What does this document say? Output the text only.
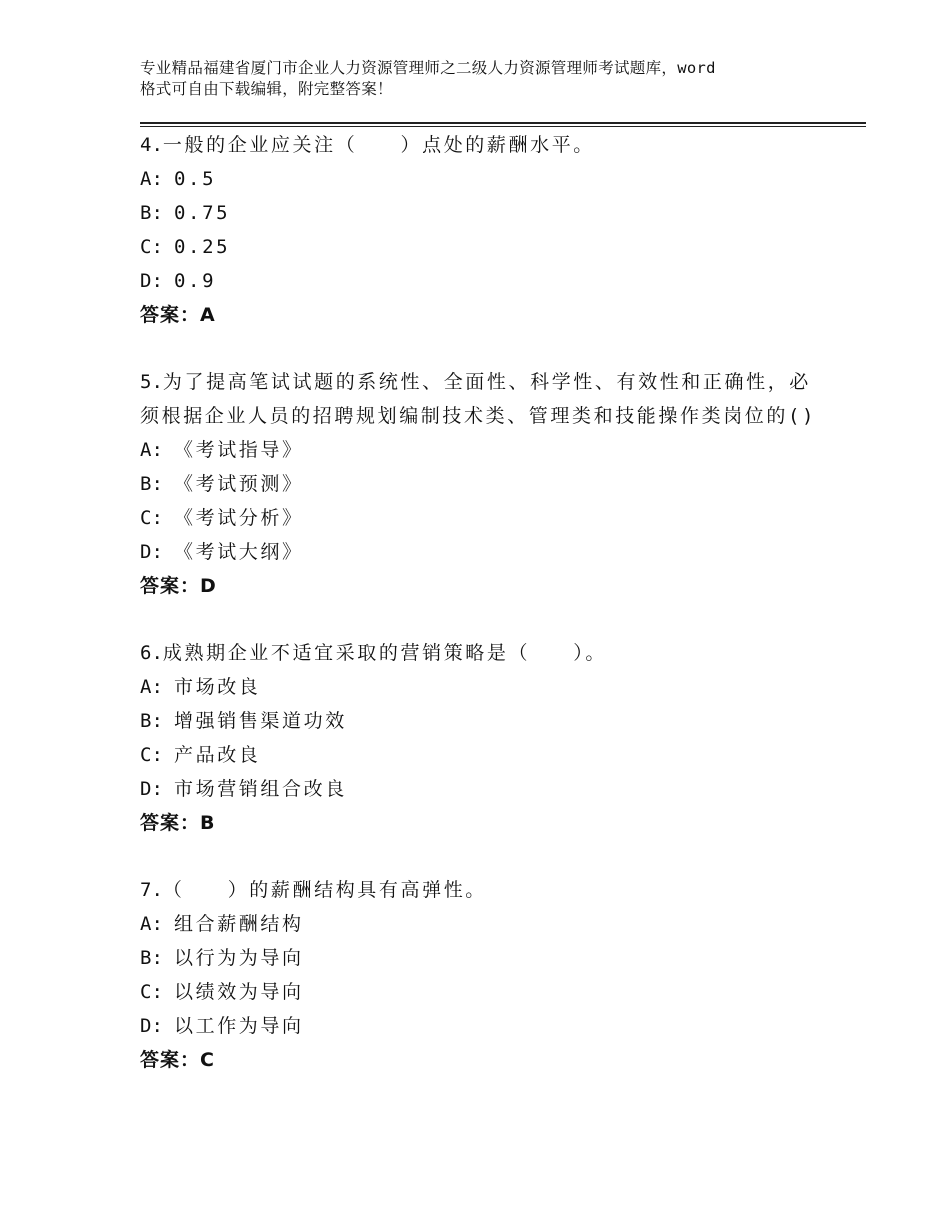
专业精品福建省厦门市企业人力资源管理师之二级人力资源管理师考试题库，word
格式可自由下载编辑，附完整答案！
4.一般的企业应关注（　　）点处的薪酬水平。
A: 0.5
B: 0.75
C: 0.25
D: 0.9
答案：A
5.为了提高笔试试题的系统性、全面性、科学性、有效性和正确性，必须根据企业人员的招聘规划编制技术类、管理类和技能操作类岗位的()
A: 《考试指导》
B: 《考试预测》
C: 《考试分析》
D: 《考试大纲》
答案：D
6.成熟期企业不适宜采取的营销策略是（　　）。
A: 市场改良
B: 增强销售渠道功效
C: 产品改良
D: 市场营销组合改良
答案：B
7.（　　）的薪酬结构具有高弹性。
A: 组合薪酬结构
B: 以行为为导向
C: 以绩效为导向
D: 以工作为导向
答案：C
